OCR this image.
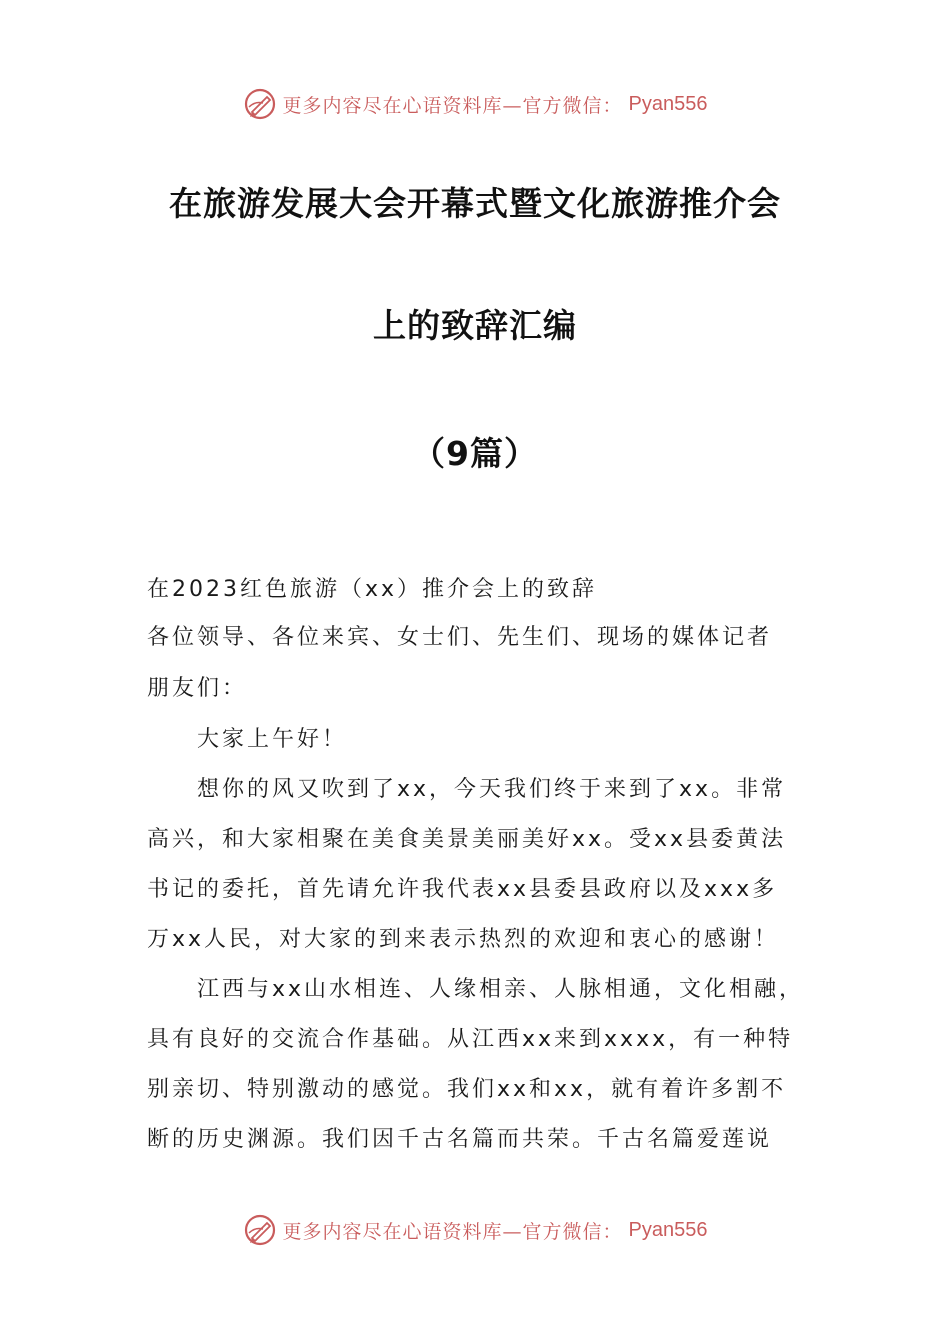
更多内容尽在心语资料库—官方微信： Pyan556
在旅游发展大会开幕式暨文化旅游推介会
上的致辞汇编
（9篇）
在2023红色旅游（xx）推介会上的致辞
各位领导、各位来宾、女士们、先生们、现场的媒体记者
朋友们：
大家上午好！
想你的风又吹到了xx，今天我们终于来到了xx。非常
高兴，和大家相聚在美食美景美丽美好xx。受xx县委黄法
书记的委托，首先请允许我代表xx县委县政府以及xxx多
万xx人民，对大家的到来表示热烈的欢迎和衷心的感谢！
江西与xx山水相连、人缘相亲、人脉相通，文化相融，
具有良好的交流合作基础。从江西xx来到xxxx，有一种特
别亲切、特别激动的感觉。我们xx和xx，就有着许多割不
断的历史渊源。我们因千古名篇而共荣。千古名篇爱莲说
更多内容尽在心语资料库—官方微信： Pyan556
